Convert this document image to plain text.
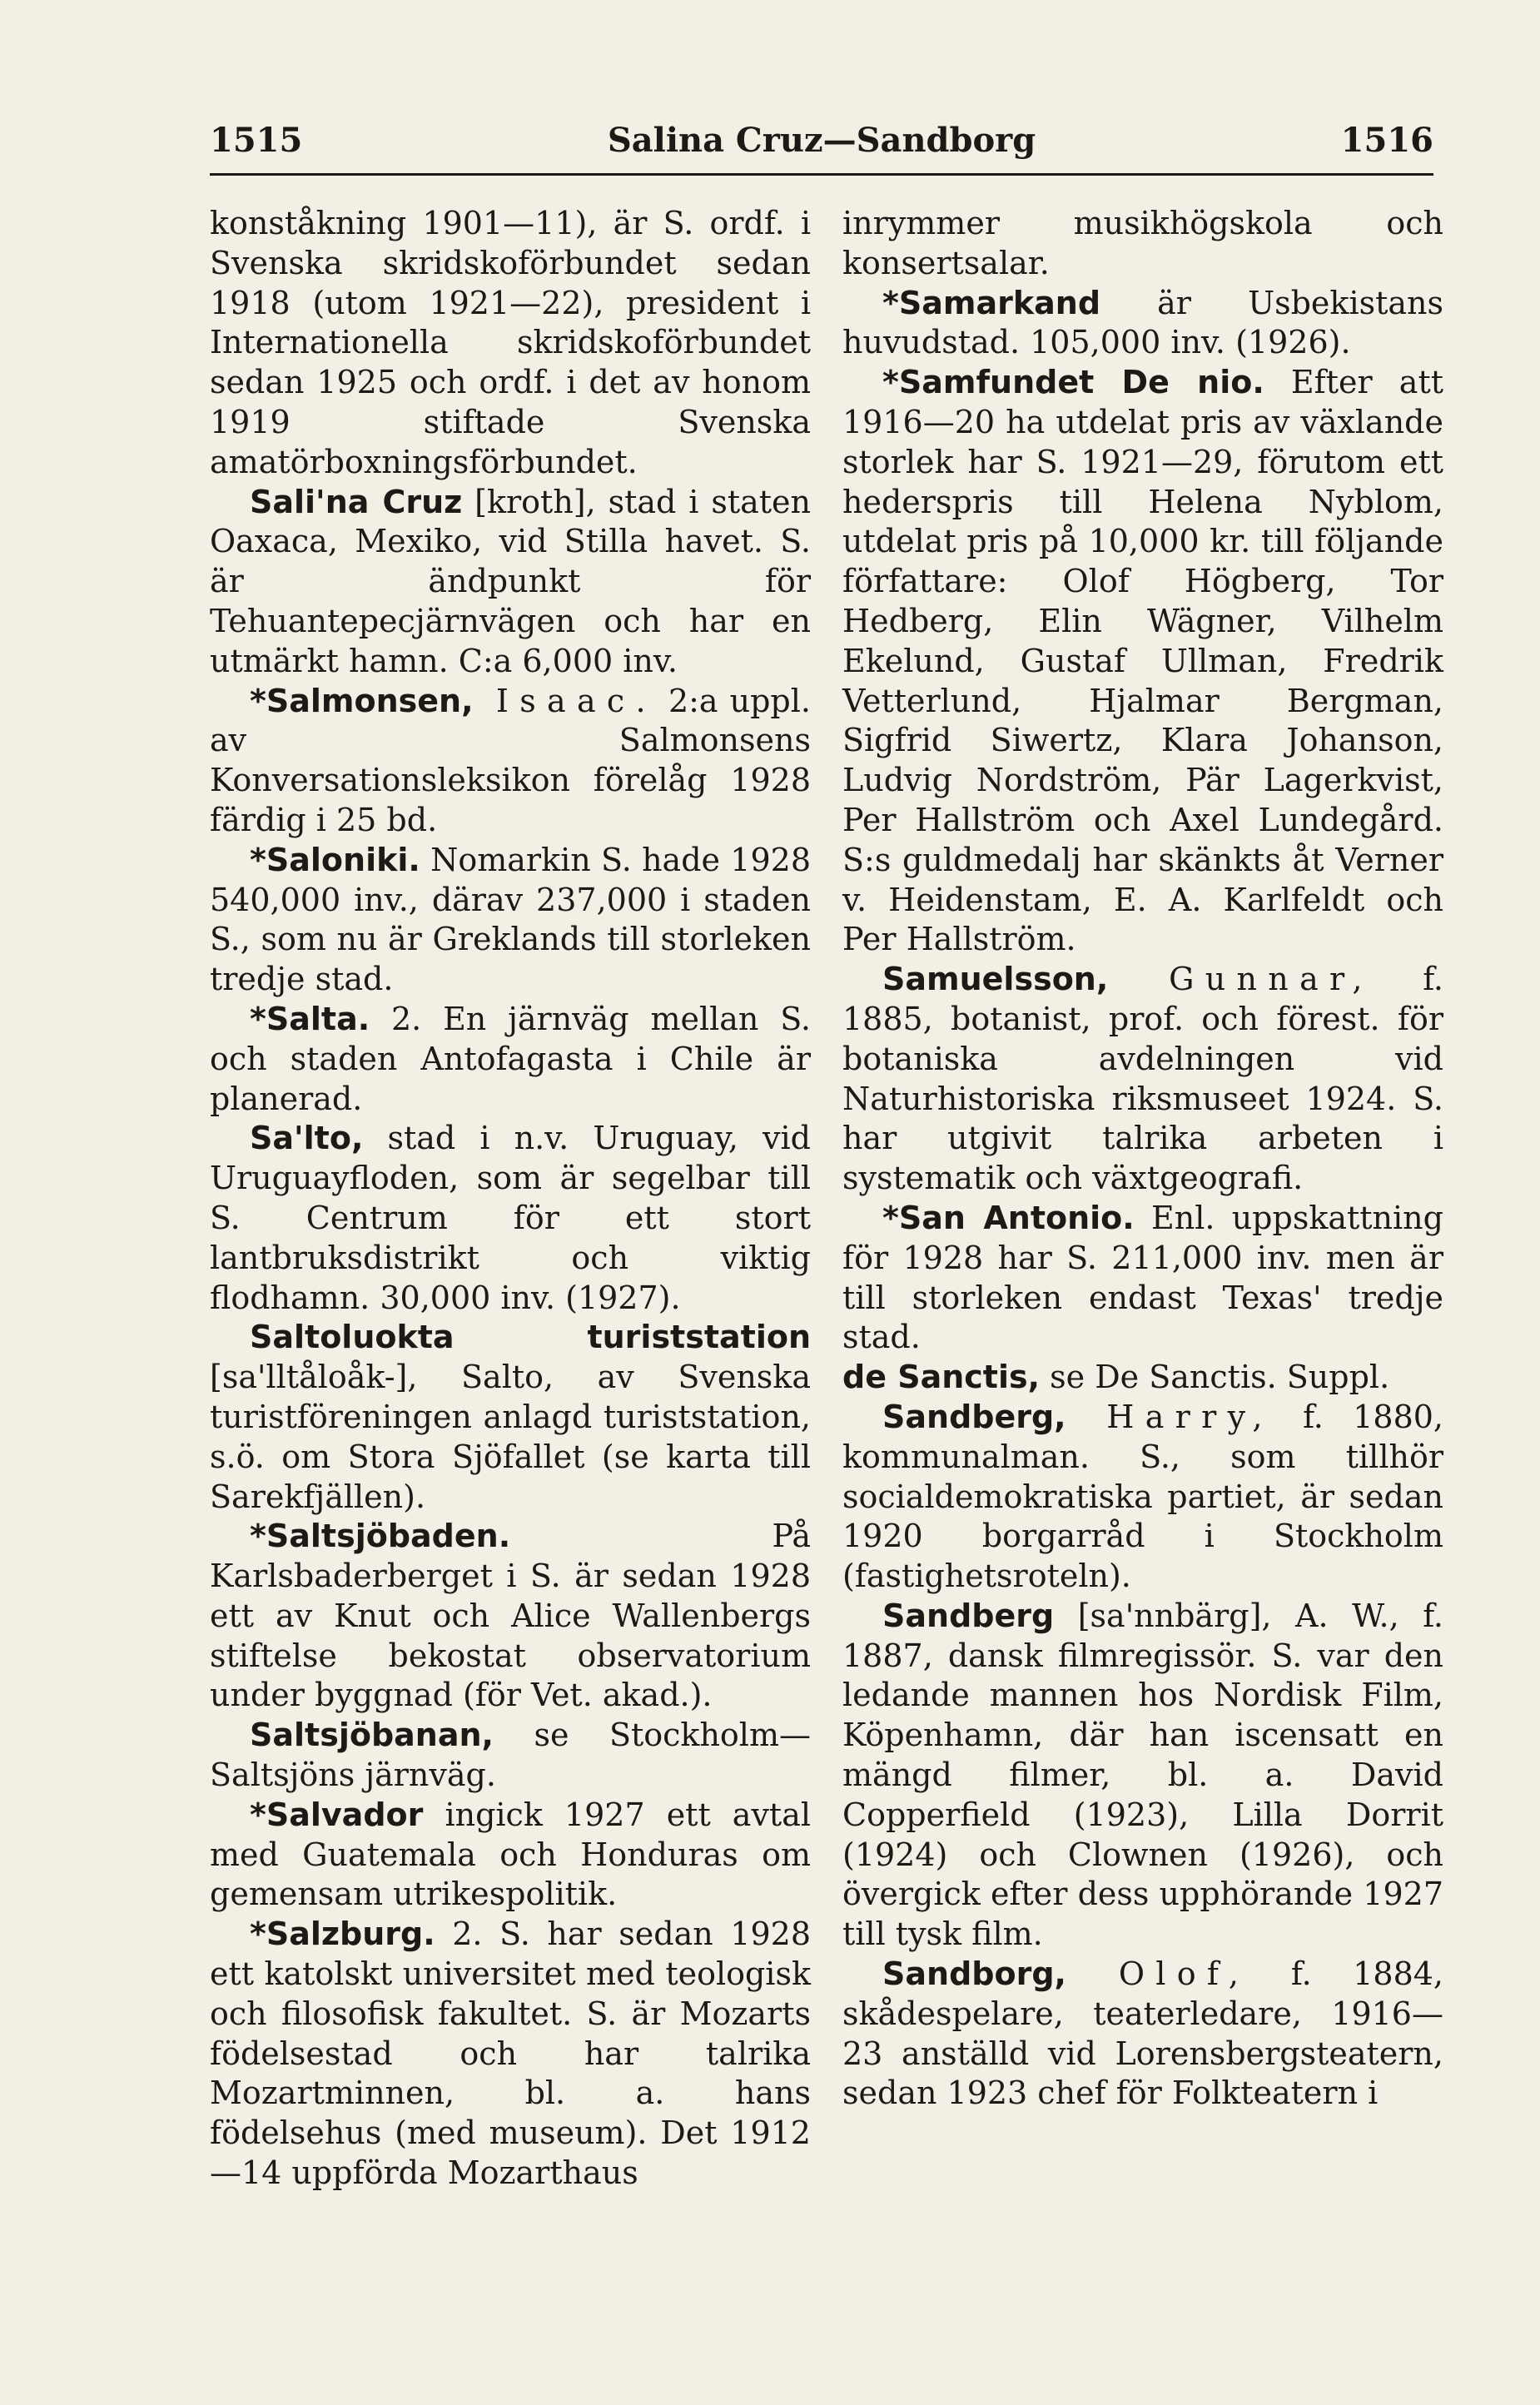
1515	Salina Cruz—Sandborg	1516

konståkning 1901—11), är S. ordf. i Svenska skridskoförbundet sedan 1918 (utom 1921—22), president i Internationella skridskoförbundet sedan 1925 och ordf. i det av honom 1919 stiftade Svenska amatörboxningsförbundet.

Sali'na Cruz [kroth], stad i staten Oaxaca, Mexiko, vid Stilla havet. S. är ändpunkt för Tehuantepecjärnvägen och har en utmärkt hamn. C:a 6,000 inv.

*Salmonsen, Isaac. 2:a uppl. av Salmonsens Konversationsleksikon förelåg 1928 färdig i 25 bd.

*Saloniki. Nomarkin S. hade 1928 540,000 inv., därav 237,000 i staden S., som nu är Greklands till storleken tredje stad.

*Salta. 2. En järnväg mellan S. och staden Antofagasta i Chile är planerad.

Sa'lto, stad i n.v. Uruguay, vid Uruguayfloden, som är segelbar till S. Centrum för ett stort lantbruksdistrikt och viktig flodhamn. 30,000 inv. (1927).

Saltoluokta turiststation [sa'lltåloåk-], Salto, av Svenska turistföreningen anlagd turiststation, s.ö. om Stora Sjöfallet (se karta till Sarekfjällen).

*Saltsjöbaden. På Karlsbaderberget i S. är sedan 1928 ett av Knut och Alice Wallenbergs stiftelse bekostat observatorium under byggnad (för Vet. akad.).

Saltsjöbanan, se Stockholm—Saltsjöns järnväg.

*Salvador ingick 1927 ett avtal med Guatemala och Honduras om gemensam utrikespolitik.

*Salzburg. 2. S. har sedan 1928 ett katolskt universitet med teologisk och filosofisk fakultet. S. är Mozarts födelsestad och har talrika Mozartminnen, bl. a. hans födelsehus (med museum). Det 1912—14 uppförda Mozarthaus

inrymmer musikhögskola och konsertsalar.

*Samarkand är Usbekistans huvudstad. 105,000 inv. (1926).

*Samfundet De nio. Efter att 1916—20 ha utdelat pris av växlande storlek har S. 1921—29, förutom ett hederspris till Helena Nyblom, utdelat pris på 10,000 kr. till följande författare: Olof Högberg, Tor Hedberg, Elin Wägner, Vilhelm Ekelund, Gustaf Ullman, Fredrik Vetterlund, Hjalmar Bergman, Sigfrid Siwertz, Klara Johanson, Ludvig Nordström, Pär Lagerkvist, Per Hallström och Axel Lundegård. S:s guldmedalj har skänkts åt Verner v. Heidenstam, E. A. Karlfeldt och Per Hallström.

Samuelsson, Gunnar, f. 1885, botanist, prof. och förest. för botaniska avdelningen vid Naturhistoriska riksmuseet 1924. S. har utgivit talrika arbeten i systematik och växtgeografi.

*San Antonio. Enl. uppskattning för 1928 har S. 211,000 inv. men är till storleken endast Texas' tredje stad.

de Sanctis, se De Sanctis. Suppl.

Sandberg, Harry, f. 1880, kommunalman. S., som tillhör socialdemokratiska partiet, är sedan 1920 borgarråd i Stockholm (fastighetsroteln).

Sandberg [sa'nnbärg], A. W., f. 1887, dansk filmregissör. S. var den ledande mannen hos Nordisk Film, Köpenhamn, där han iscensatt en mängd filmer, bl. a. David Copperfield (1923), Lilla Dorrit (1924) och Clownen (1926), och övergick efter dess upphörande 1927 till tysk film.

Sandborg, Olof, f. 1884, skådespelare, teaterledare, 1916—23 anställd vid Lorensbergsteatern, sedan 1923 chef för Folkteatern i
